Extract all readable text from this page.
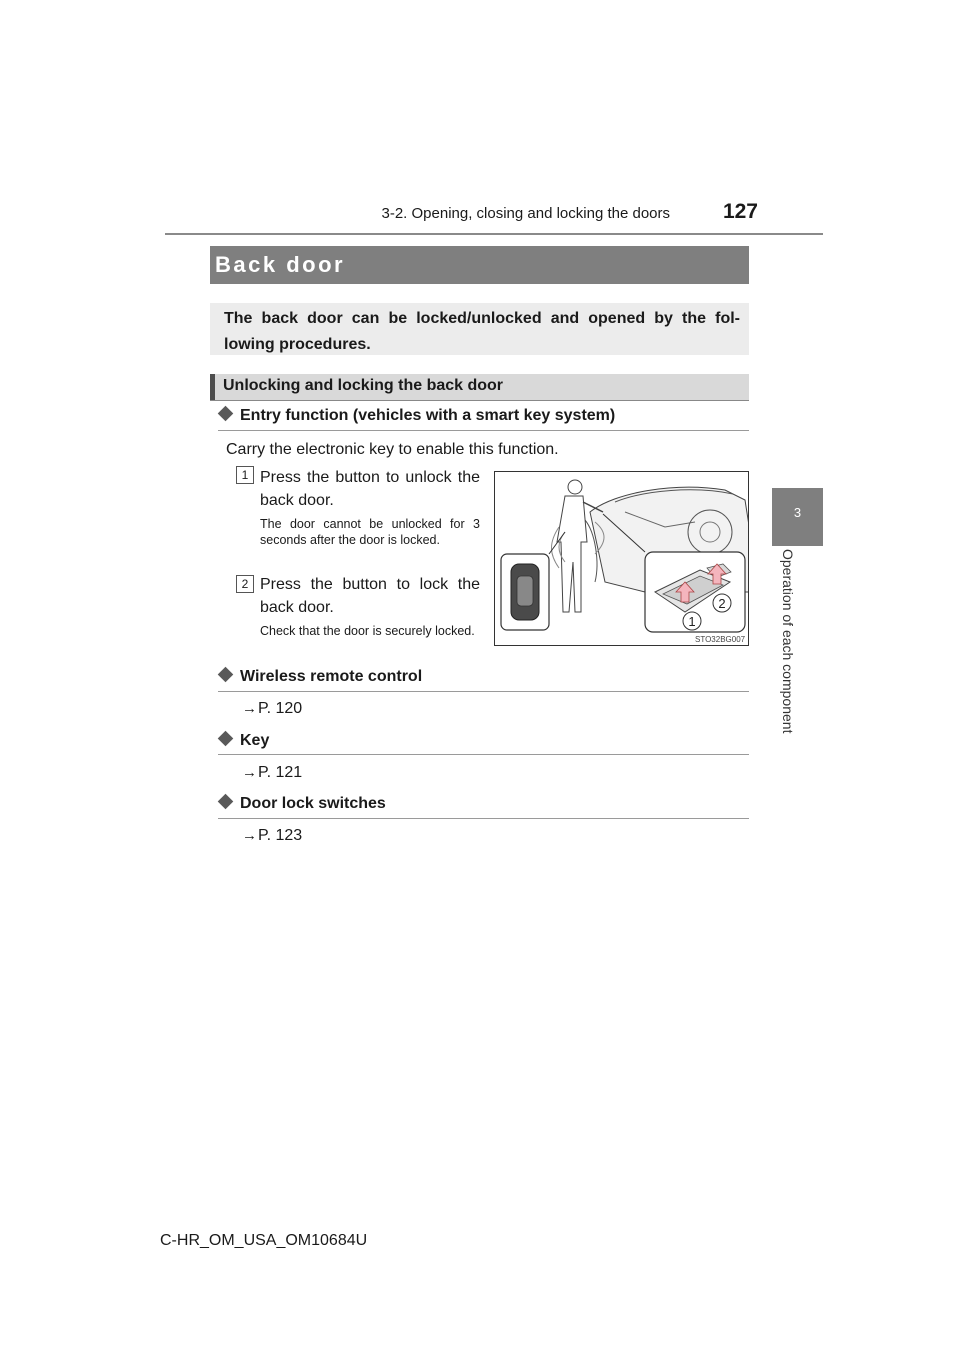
127
3-2. Opening, closing and locking the doors
3
Operation of each component
Back door
The back door can be locked/unlocked and opened by the fol-lowing procedures.
Unlocking and locking the back door
Entry function (vehicles with a smart key system)
Carry the electronic key to enable this function.
1 Press the button to unlock the back door.
The door cannot be unlocked for 3 seconds after the door is locked.
2 Press the button to lock the back door.
Check that the door is securely locked.
1
2
STO32BG007
Wireless remote control
→P. 120
Key
→P. 121
Door lock switches
→P. 123
C-HR_OM_USA_OM10684U
